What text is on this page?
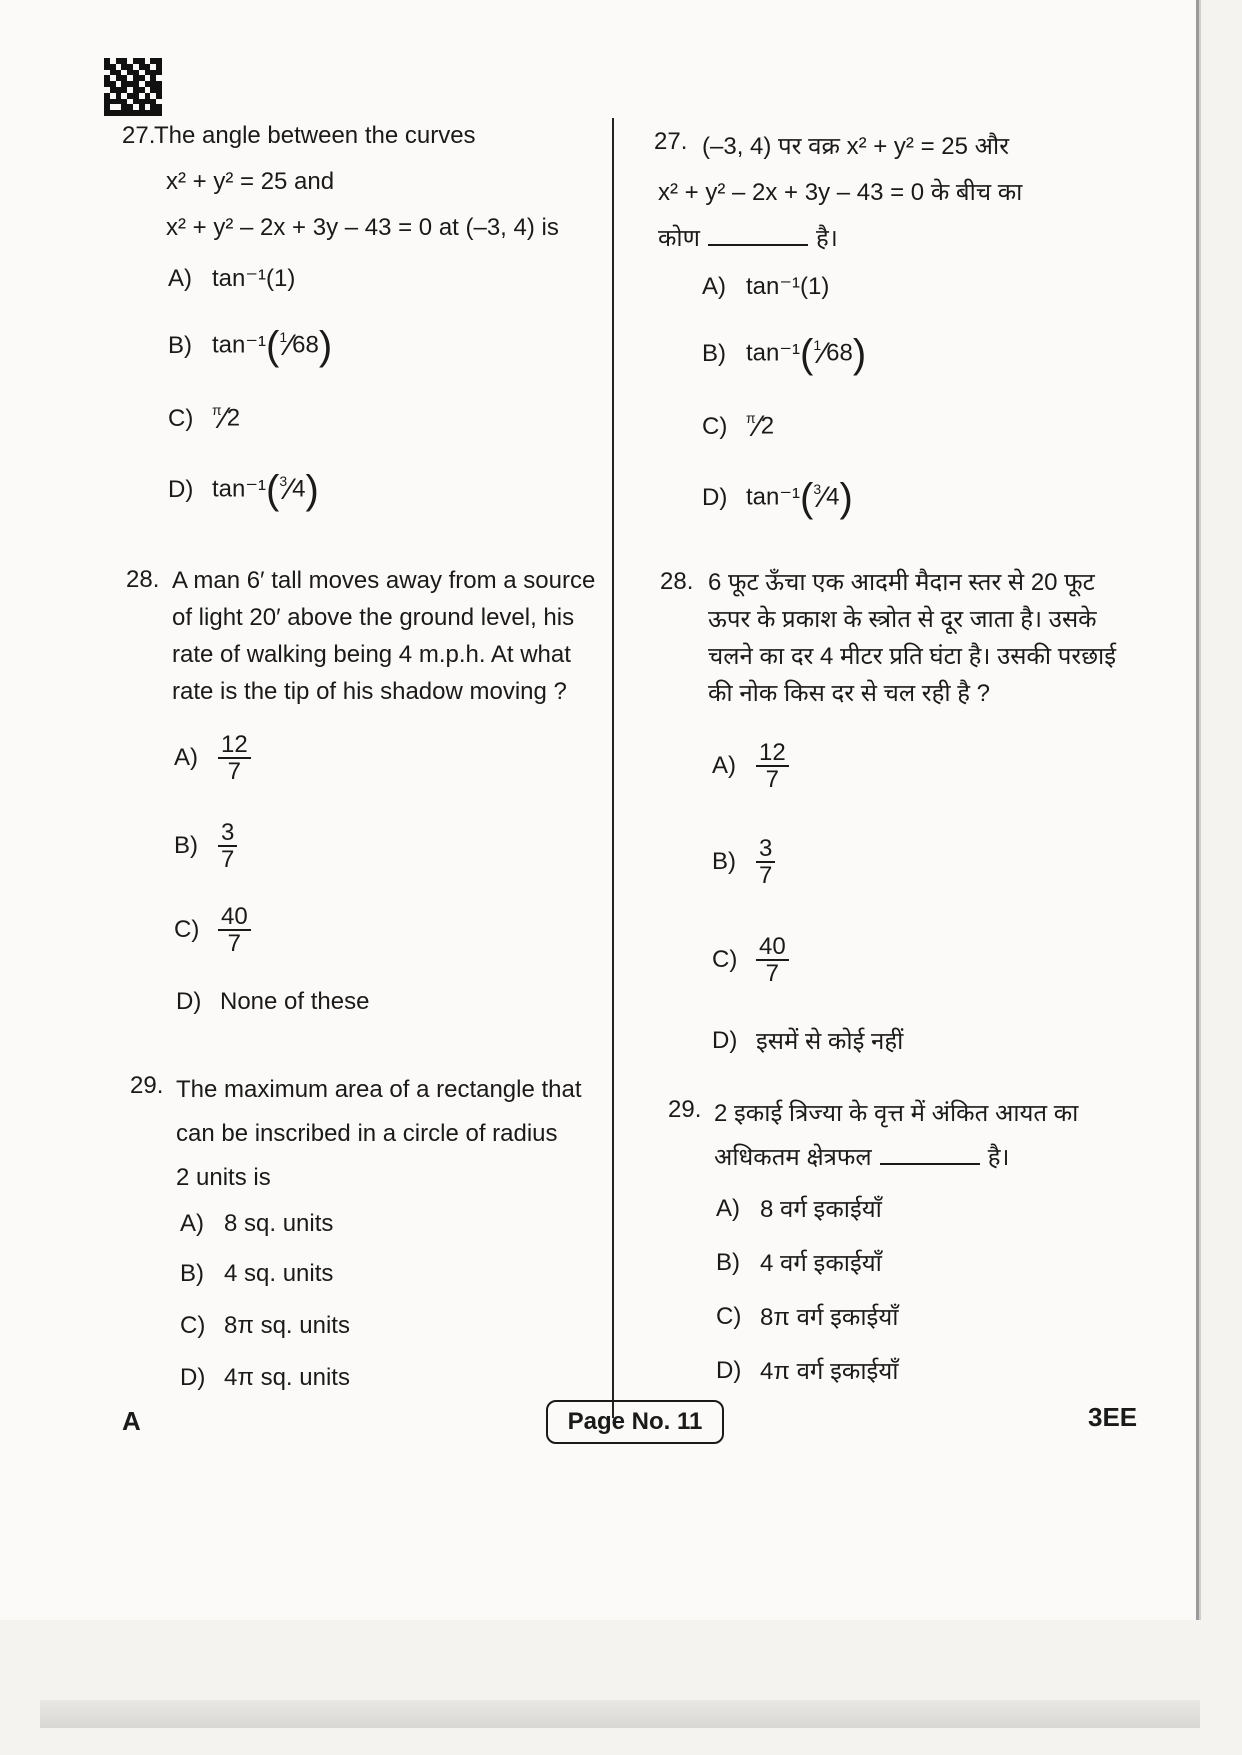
27.
The angle between the curves
x² + y² = 25 and
x² + y² – 2x + 3y – 43 = 0 at (–3, 4) is
A) tan⁻¹(1)
B) tan⁻¹($^1$⁄68)
C)	$^\pi$⁄2
D) tan⁻¹($^3$⁄4)
28. A man 6′ tall moves away from a source
of light 20′ above the ground level, his
rate of walking being 4 m.p.h. At what
rate is the tip of his shadow moving ?
$A) \frac{12}{7}$
$B) \frac{3}{7}$
$C) \frac{40}{7}$
D) None of these
29. The maximum area of a rectangle that
can be inscribed in a circle of radius
2 units is
A) 8 sq. units
B) 4 sq. units
C) 8π sq. units
D) 4π sq. units
27. (–3, 4) पर वक्र x² + y² = 25 और
x² + y² – 2x + 3y – 43 = 0 के बीच का
कोण	है।
A) tan⁻¹(1)
B) tan⁻¹($^1$⁄68)
C)	$^\pi$⁄2
D) tan⁻¹($^3$⁄4)
28. 6 फूट ऊँचा एक आदमी मैदान स्तर से 20 फूट
ऊपर के प्रकाश के स्त्रोत से दूर जाता है। उसके
चलने का दर 4 मीटर प्रति घंटा है। उसकी परछाई
की नोक किस दर से चल रही है ?
$A) \frac{12}{7}$
$B) \frac{3}{7}$
$C) \frac{40}{7}$
D) इसमें से कोई नहीं
29. 2 इकाई त्रिज्या के वृत्त में अंकित आयत का
अधिकतम क्षेत्रफल	है।
A) 8 वर्ग इकाईयाँ
B) 4 वर्ग इकाईयाँ
C) 8π वर्ग इकाईयाँ
D) 4π वर्ग इकाईयाँ
A	Page No. 11	3EE
